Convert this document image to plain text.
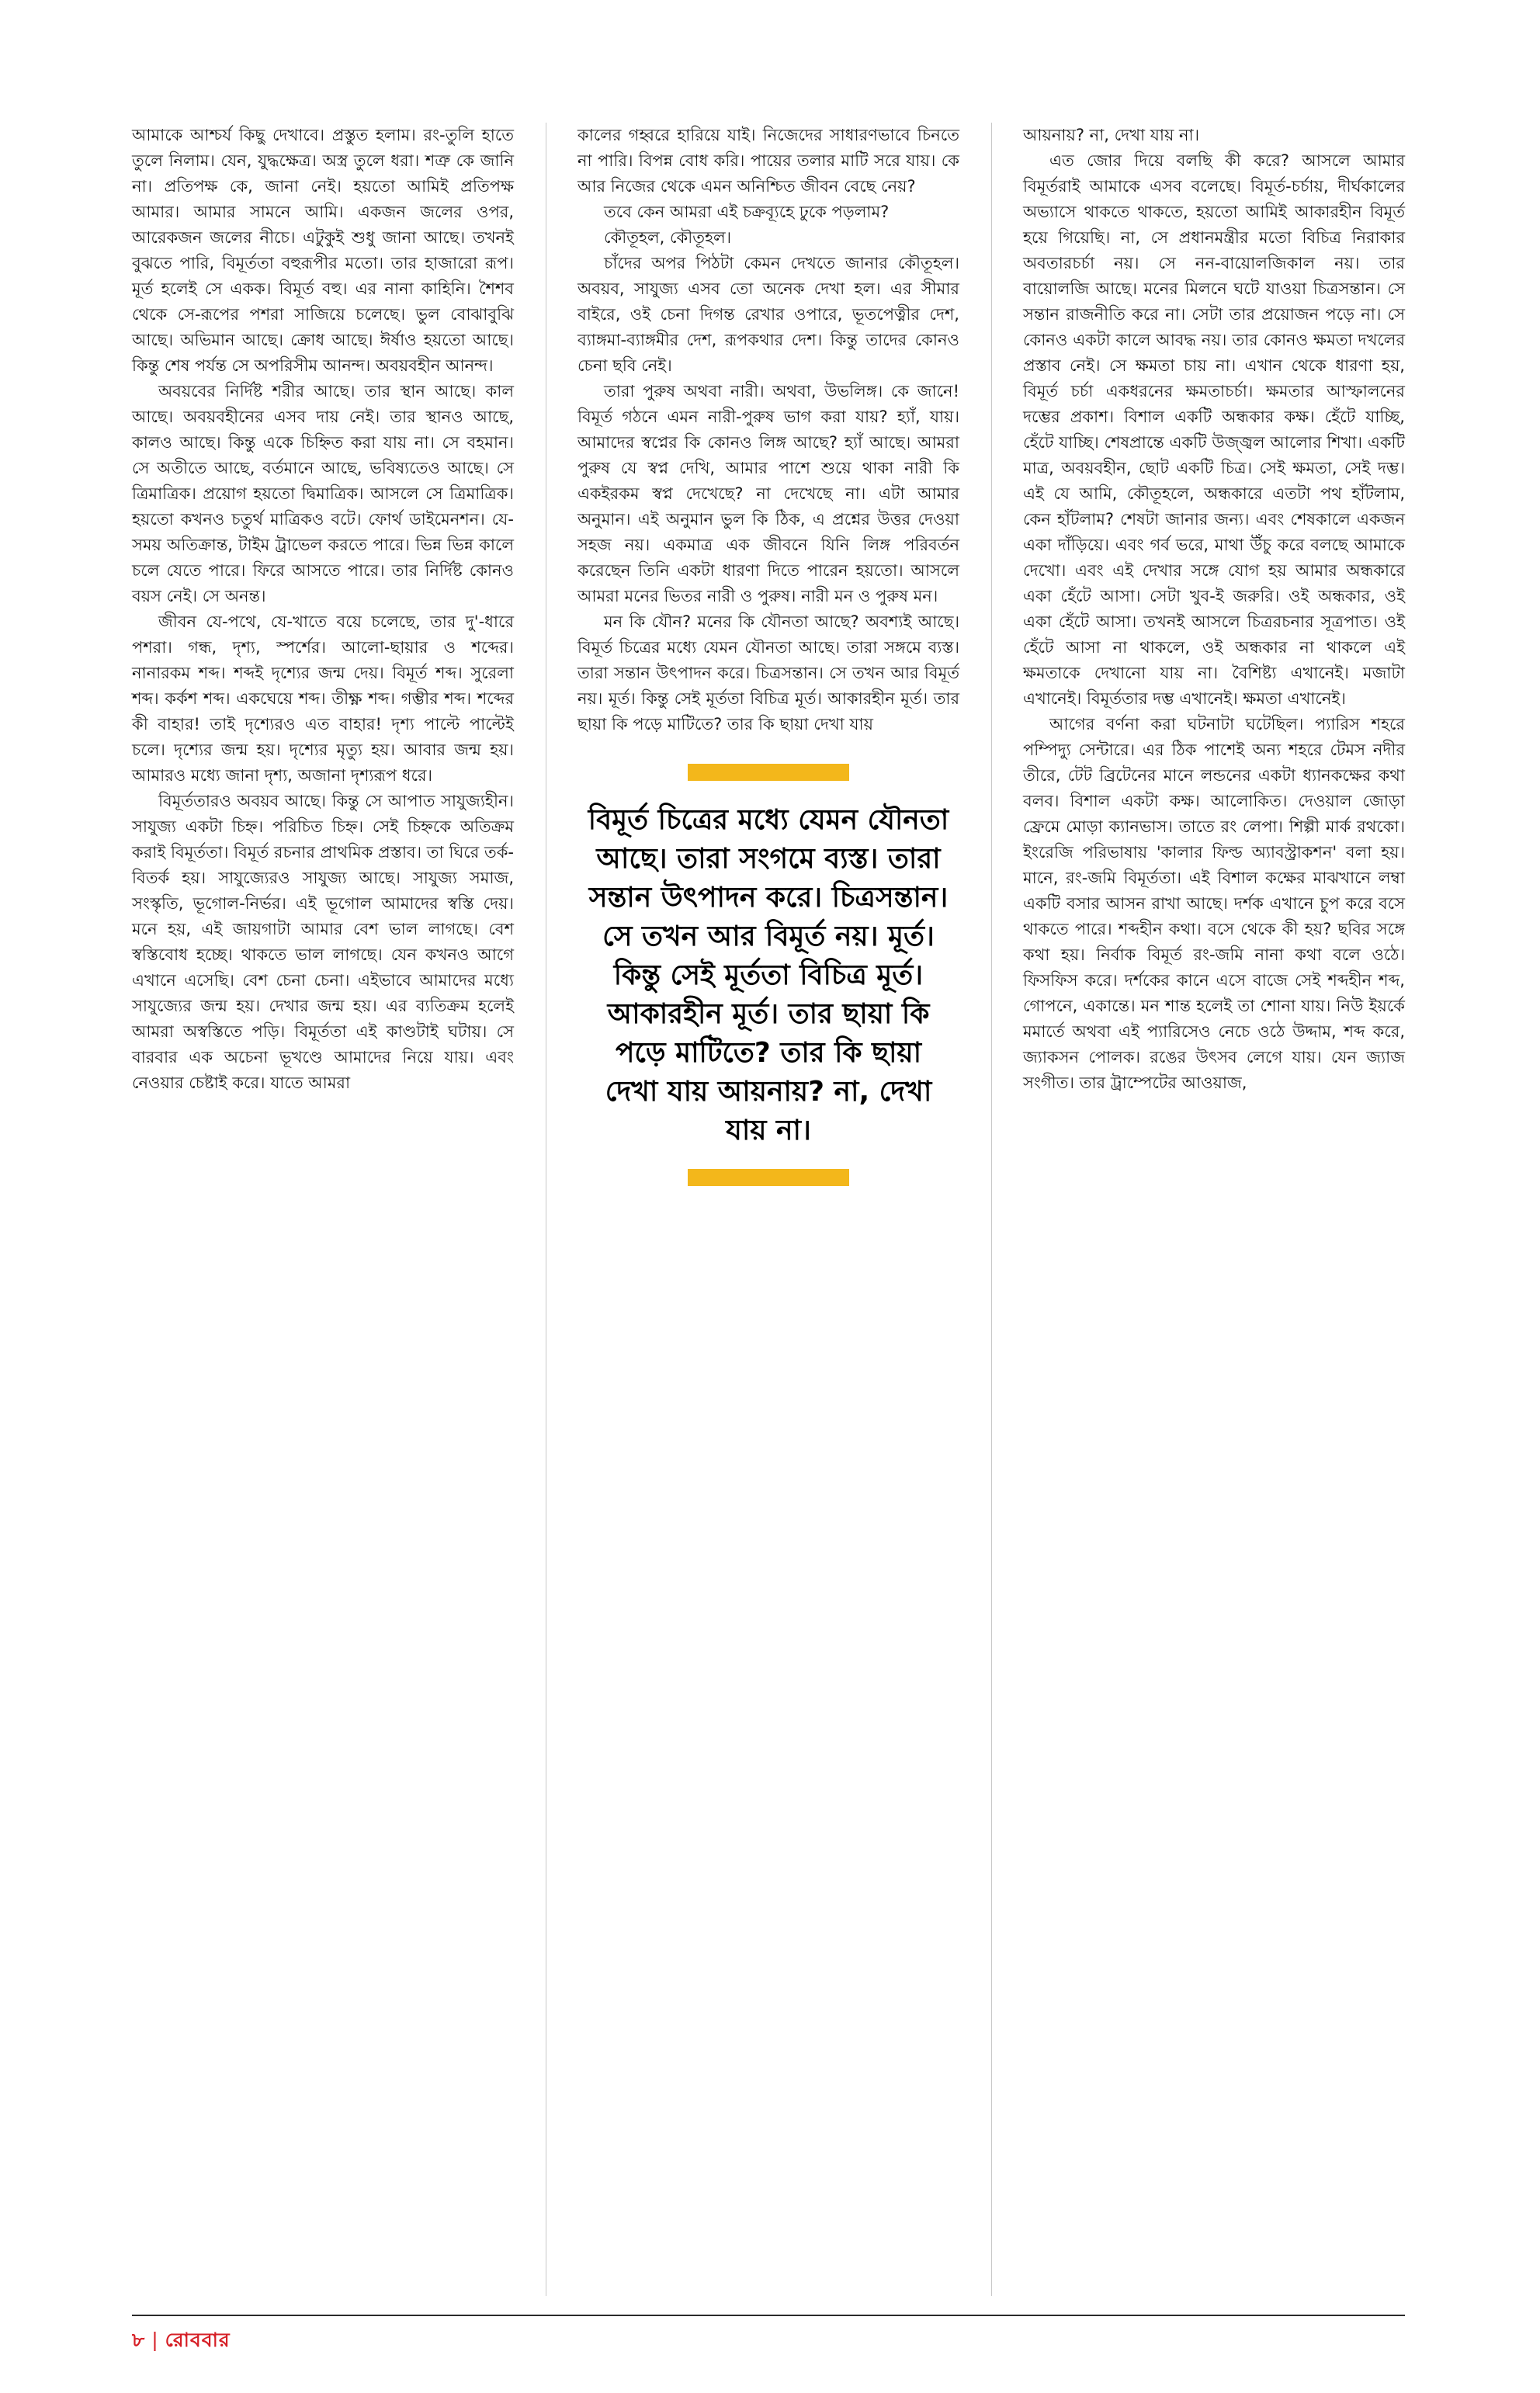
আমাকে আশ্চর্য কিছু দেখাবে। প্রস্তুত হলাম। রং-তুলি হাতে তুলে নিলাম। যেন, যুদ্ধক্ষেত্র। অস্ত্র তুলে ধরা। শত্রু কে জানি না। প্রতিপক্ষ কে, জানা নেই। হয়তো আমিই প্রতিপক্ষ আমার। আমার সামনে আমি। একজন জলের ওপর, আরেকজন জলের নীচে। এটুকুই শুধু জানা আছে। তখনই বুঝতে পারি, বিমূর্ততা বহুরূপীর মতো। তার হাজারো রূপ। মূর্ত হলেই সে একক। বিমূর্ত বহু। এর নানা কাহিনি। শৈশব থেকে সে-রূপের পশরা সাজিয়ে চলেছে। ভুল বোঝাবুঝি আছে। অভিমান আছে। ক্রোধ আছে। ঈর্ষাও হয়তো আছে। কিন্তু শেষ পর্যন্ত সে অপরিসীম আনন্দ। অবয়বহীন আনন্দ।

অবয়বের নির্দিষ্ট শরীর আছে। তার স্থান আছে। কাল আছে। অবয়বহীনের এসব দায় নেই। তার স্থানও আছে, কালও আছে। কিন্তু একে চিহ্নিত করা যায় না। সে বহমান। সে অতীতে আছে, বর্তমানে আছে, ভবিষ্যতেও আছে। সে ত্রিমাত্রিক। প্রয়োগ হয়তো দ্বিমাত্রিক। আসলে সে ত্রিমাত্রিক। হয়তো কখনও চতুর্থ মাত্রিকও বটে। ফোর্থ ডাইমেনশন। যে-সময় অতিক্রান্ত, টাইম ট্রাভেল করতে পারে। ভিন্ন ভিন্ন কালে চলে যেতে পারে। ফিরে আসতে পারে। তার নির্দিষ্ট কোনও বয়স নেই। সে অনন্ত।

জীবন যে-পথে, যে-খাতে বয়ে চলেছে, তার দু'-ধারে পশরা। গন্ধ, দৃশ্য, স্পর্শের। আলো-ছায়ার ও শব্দের। নানারকম শব্দ। শব্দই দৃশ্যের জন্ম দেয়। বিমূর্ত শব্দ। সুরেলা শব্দ। কর্কশ শব্দ। একঘেয়ে শব্দ। তীক্ষ্ণ শব্দ। গম্ভীর শব্দ। শব্দের কী বাহার! তাই দৃশ্যেরও এত বাহার! দৃশ্য পাল্টে পাল্টেই চলে। দৃশ্যের জন্ম হয়। দৃশ্যের মৃত্যু হয়। আবার জন্ম হয়। আমারও মধ্যে জানা দৃশ্য, অজানা দৃশ্যরূপ ধরে।

বিমূর্ততারও অবয়ব আছে। কিন্তু সে আপাত সাযুজ্যহীন। সাযুজ্য একটা চিহ্ন। পরিচিত চিহ্ন। সেই চিহ্নকে অতিক্রম করাই বিমূর্ততা। বিমূর্ত রচনার প্রাথমিক প্রস্তাব। তা ঘিরে তর্ক-বিতর্ক হয়। সাযুজ্যেরও সাযুজ্য আছে। সাযুজ্য সমাজ, সংস্কৃতি, ভূগোল-নির্ভর। এই ভূগোল আমাদের স্বস্তি দেয়। মনে হয়, এই জায়গাটা আমার বেশ ভাল লাগছে। বেশ স্বস্তিবোধ হচ্ছে। থাকতে ভাল লাগছে। যেন কখনও আগে এখানে এসেছি। বেশ চেনা চেনা। এইভাবে আমাদের মধ্যে সাযুজ্যের জন্ম হয়। দেখার জন্ম হয়। এর ব্যতিক্রম হলেই আমরা অস্বস্তিতে পড়ি। বিমূর্ততা এই কাণ্ডটাই ঘটায়। সে বারবার এক অচেনা ভূখণ্ডে আমাদের নিয়ে যায়। এবং নেওয়ার চেষ্টাই করে। যাতে আমরা

কালের গহ্বরে হারিয়ে যাই। নিজেদের সাধারণভাবে চিনতে না পারি। বিপন্ন বোধ করি। পায়ের তলার মাটি সরে যায়। কে আর নিজের থেকে এমন অনিশ্চিত জীবন বেছে নেয়?

তবে কেন আমরা এই চক্রব্যূহে ঢুকে পড়লাম?

কৌতূহল, কৌতূহল।

চাঁদের অপর পিঠটা কেমন দেখতে জানার কৌতূহল। অবয়ব, সাযুজ্য এসব তো অনেক দেখা হল। এর সীমার বাইরে, ওই চেনা দিগন্ত রেখার ওপারে, ভূতপেত্নীর দেশ, ব্যাঙ্গমা-ব্যাঙ্গমীর দেশ, রূপকথার দেশ। কিন্তু তাদের কোনও চেনা ছবি নেই।

তারা পুরুষ অথবা নারী। অথবা, উভলিঙ্গ। কে জানে! বিমূর্ত গঠনে এমন নারী-পুরুষ ভাগ করা যায়? হ্যাঁ, যায়। আমাদের স্বপ্নের কি কোনও লিঙ্গ আছে? হ্যাঁ আছে। আমরা পুরুষ যে স্বপ্ন দেখি, আমার পাশে শুয়ে থাকা নারী কি একইরকম স্বপ্ন দেখেছে? না দেখেছে না। এটা আমার অনুমান। এই অনুমান ভুল কি ঠিক, এ প্রশ্নের উত্তর দেওয়া সহজ নয়। একমাত্র এক জীবনে যিনি লিঙ্গ পরিবর্তন করেছেন তিনি একটা ধারণা দিতে পারেন হয়তো। আসলে আমরা মনের ভিতর নারী ও পুরুষ। নারী মন ও পুরুষ মন।

মন কি যৌন? মনের কি যৌনতা আছে? অবশ্যই আছে। বিমূর্ত চিত্রের মধ্যে যেমন যৌনতা আছে। তারা সঙ্গমে ব্যস্ত। তারা সন্তান উৎপাদন করে। চিত্রসন্তান। সে তখন আর বিমূর্ত নয়। মূর্ত। কিন্তু সেই মূর্ততা বিচিত্র মূর্ত। আকারহীন মূর্ত। তার ছায়া কি পড়ে মাটিতে? তার কি ছায়া দেখা যায়

বিমূর্ত চিত্রের মধ্যে যেমন যৌনতা আছে। তারা সংগমে ব্যস্ত। তারা সন্তান উৎপাদন করে। চিত্রসন্তান। সে তখন আর বিমূর্ত নয়। মূর্ত। কিন্তু সেই মূর্ততা বিচিত্র মূর্ত। আকারহীন মূর্ত। তার ছায়া কি পড়ে মাটিতে? তার কি ছায়া দেখা যায় আয়নায়? না, দেখা যায় না।

আয়নায়? না, দেখা যায় না।

এত জোর দিয়ে বলছি কী করে? আসলে আমার বিমূর্তরাই আমাকে এসব বলেছে। বিমূর্ত-চর্চায়, দীর্ঘকালের অভ্যাসে থাকতে থাকতে, হয়তো আমিই আকারহীন বিমূর্ত হয়ে গিয়েছি। না, সে প্রধানমন্ত্রীর মতো বিচিত্র নিরাকার অবতারচর্চা নয়। সে নন-বায়োলজিকাল নয়। তার বায়োলজি আছে। মনের মিলনে ঘটে যাওয়া চিত্রসন্তান। সে সন্তান রাজনীতি করে না। সেটা তার প্রয়োজন পড়ে না। সে কোনও একটা কালে আবদ্ধ নয়। তার কোনও ক্ষমতা দখলের প্রস্তাব নেই। সে ক্ষমতা চায় না। এখান থেকে ধারণা হয়, বিমূর্ত চর্চা একধরনের ক্ষমতাচর্চা। ক্ষমতার আস্ফালনের দম্ভের প্রকাশ। বিশাল একটি অন্ধকার কক্ষ। হেঁটে যাচ্ছি, হেঁটে যাচ্ছি। শেষপ্রান্তে একটি উজ্জ্বল আলোর শিখা। একটি মাত্র, অবয়বহীন, ছোট একটি চিত্র। সেই ক্ষমতা, সেই দম্ভ। এই যে আমি, কৌতূহলে, অন্ধকারে এতটা পথ হাঁটলাম, কেন হাঁটলাম? শেষটা জানার জন্য। এবং শেষকালে একজন একা দাঁড়িয়ে। এবং গর্ব ভরে, মাথা উঁচু করে বলছে আমাকে দেখো। এবং এই দেখার সঙ্গে যোগ হয় আমার অন্ধকারে একা হেঁটে আসা। সেটা খুব-ই জরুরি। ওই অন্ধকার, ওই একা হেঁটে আসা। তখনই আসলে চিত্ররচনার সূত্রপাত। ওই হেঁটে আসা না থাকলে, ওই অন্ধকার না থাকলে এই ক্ষমতাকে দেখানো যায় না। বৈশিষ্ট্য এখানেই। মজাটা এখানেই। বিমূর্ততার দম্ভ এখানেই। ক্ষমতা এখানেই।

আগের বর্ণনা করা ঘটনাটা ঘটেছিল। প্যারিস শহরে পম্পিদ্যু সেন্টারে। এর ঠিক পাশেই অন্য শহরে টেমস নদীর তীরে, টেট ব্রিটেনের মানে লন্ডনের একটা ধ্যানকক্ষের কথা বলব। বিশাল একটা কক্ষ। আলোকিত। দেওয়াল জোড়া ফ্রেমে মোড়া ক্যানভাস। তাতে রং লেপা। শিল্পী মার্ক রথকো। ইংরেজি পরিভাষায় 'কালার ফিল্ড অ্যাবস্ট্রাকশন' বলা হয়। মানে, রং-জমি বিমূর্ততা। এই বিশাল কক্ষের মাঝখানে লম্বা একটি বসার আসন রাখা আছে। দর্শক এখানে চুপ করে বসে থাকতে পারে। শব্দহীন কথা। বসে থেকে কী হয়? ছবির সঙ্গে কথা হয়। নির্বাক বিমূর্ত রং-জমি নানা কথা বলে ওঠে। ফিসফিস করে। দর্শকের কানে এসে বাজে সেই শব্দহীন শব্দ, গোপনে, একান্তে। মন শান্ত হলেই তা শোনা যায়। নিউ ইয়র্কে মমার্তে অথবা এই প্যারিসেও নেচে ওঠে উদ্দাম, শব্দ করে, জ্যাকসন পোলক। রঙের উৎসব লেগে যায়। যেন জ্যাজ সংগীত। তার ট্রাম্পেটের আওয়াজ,

৮ | রোববার
